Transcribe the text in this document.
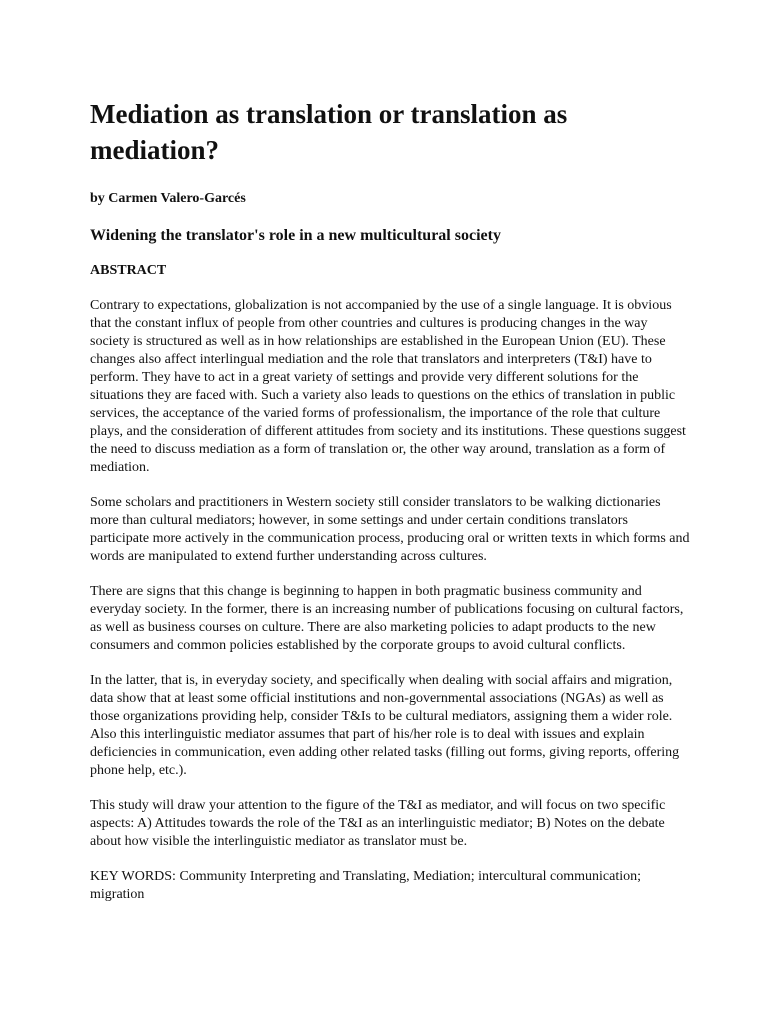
Mediation as translation or translation as mediation?
by Carmen Valero-Garcés
Widening the translator's role in a new multicultural society
ABSTRACT

Contrary to expectations, globalization is not accompanied by the use of a single language. It is obvious that the constant influx of people from other countries and cultures is producing changes in the way society is structured as well as in how relationships are established in the European Union (EU). These changes also affect interlingual mediation and the role that translators and interpreters (T&I) have to perform. They have to act in a great variety of settings and provide very different solutions for the situations they are faced with. Such a variety also leads to questions on the ethics of translation in public services, the acceptance of the varied forms of professionalism, the importance of the role that culture plays, and the consideration of different attitudes from society and its institutions. These questions suggest the need to discuss mediation as a form of translation or, the other way around, translation as a form of mediation.

Some scholars and practitioners in Western society still consider translators to be walking dictionaries more than cultural mediators; however, in some settings and under certain conditions translators participate more actively in the communication process, producing oral or written texts in which forms and words are manipulated to extend further understanding across cultures.

There are signs that this change is beginning to happen in both pragmatic business community and everyday society. In the former, there is an increasing number of publications focusing on cultural factors, as well as business courses on culture. There are also marketing policies to adapt products to the new consumers and common policies established by the corporate groups to avoid cultural conflicts.

In the latter, that is, in everyday society, and specifically when dealing with social affairs and migration, data show that at least some official institutions and non-governmental associations (NGAs) as well as those organizations providing help, consider T&Is to be cultural mediators, assigning them a wider role. Also this interlinguistic mediator assumes that part of his/her role is to deal with issues and explain deficiencies in communication, even adding other related tasks (filling out forms, giving reports, offering phone help, etc.).

This study will draw your attention to the figure of the T&I as mediator, and will focus on two specific aspects: A) Attitudes towards the role of the T&I as an interlinguistic mediator; B) Notes on the debate about how visible the interlinguistic mediator as translator must be.

KEY WORDS: Community Interpreting and Translating, Mediation; intercultural communication; migration
